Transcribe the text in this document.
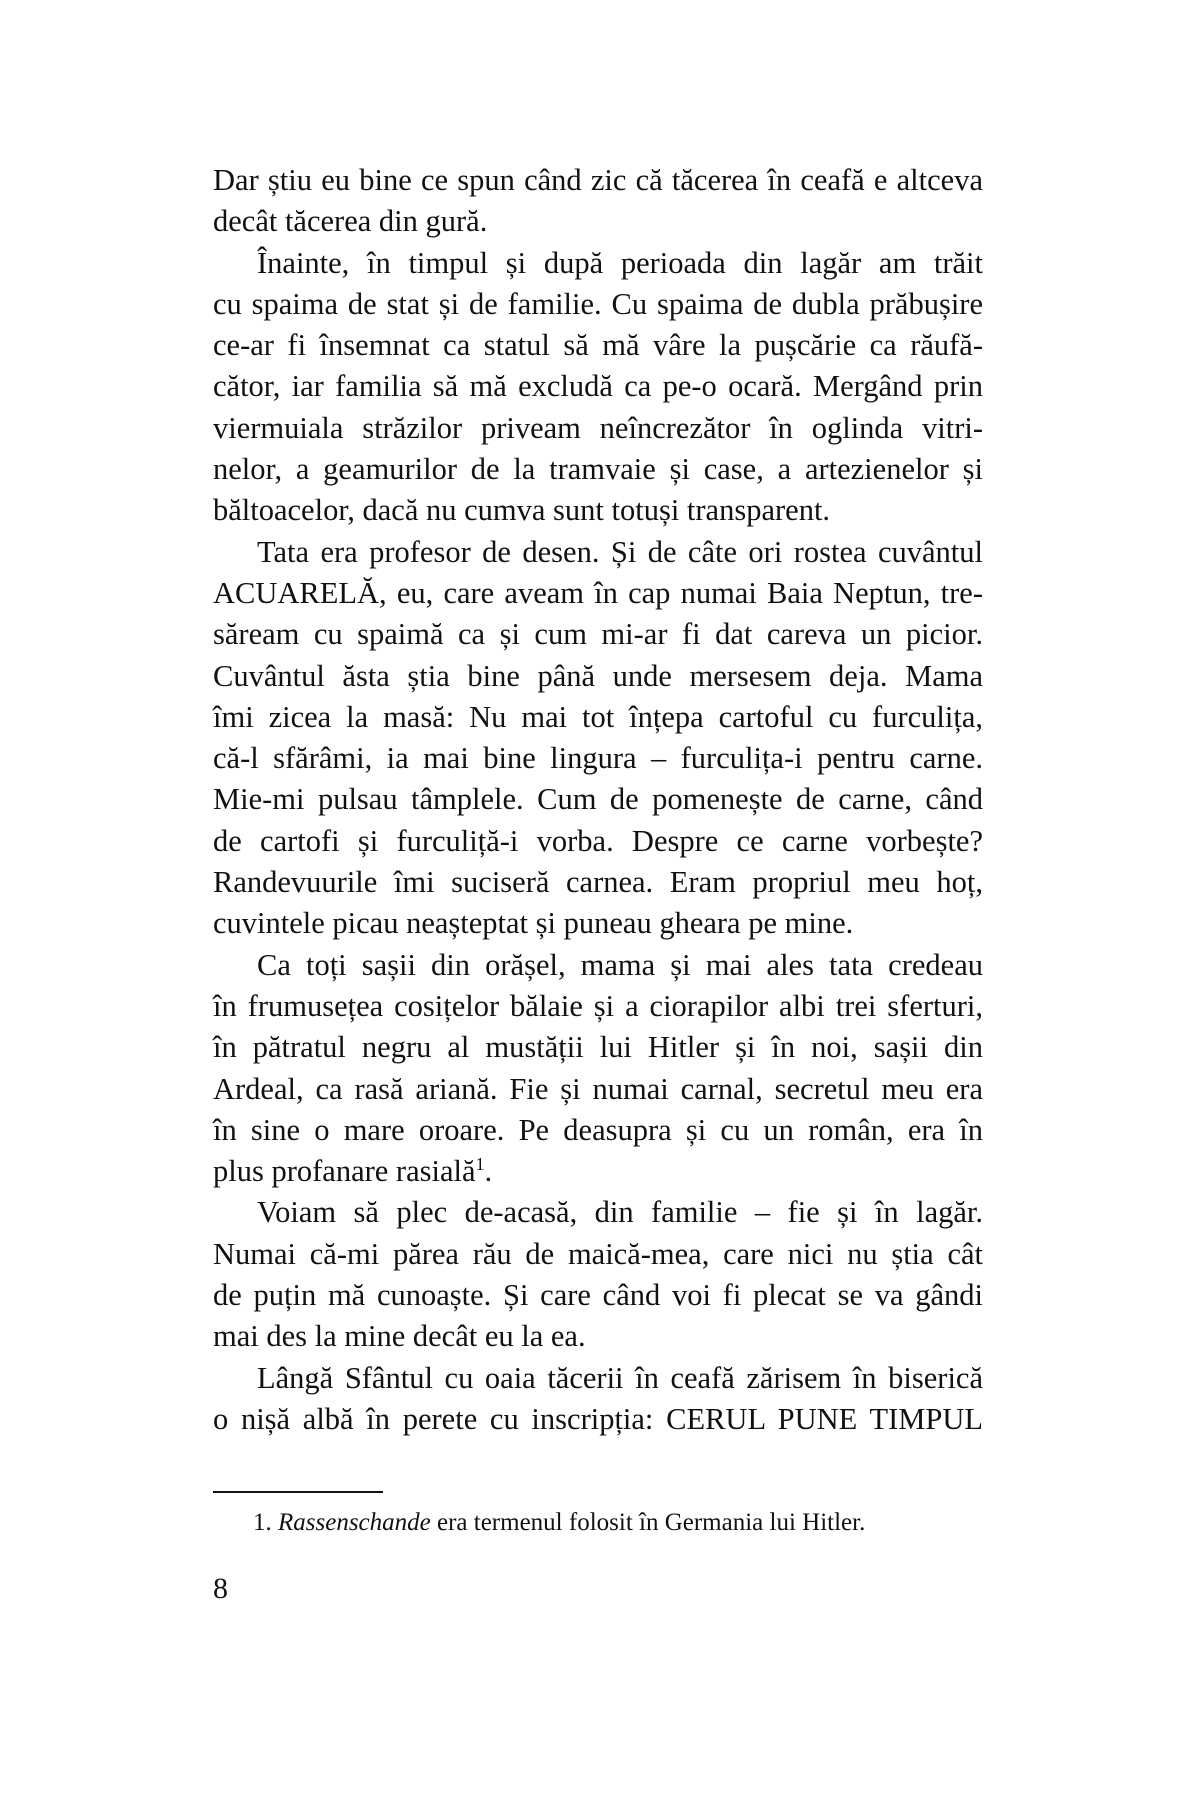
Dar știu eu bine ce spun când zic că tăcerea în ceafă e altceva
decât tăcerea din gură.
Înainte, în timpul și după perioada din lagăr am trăit
cu spaima de stat și de familie. Cu spaima de dubla prăbușire
ce-ar fi însemnat ca statul să mă vâre la pușcărie ca răufă-
cător, iar familia să mă excludă ca pe-o ocară. Mergând prin
viermuiala străzilor priveam neîncrezător în oglinda vitri-
nelor, a geamurilor de la tramvaie și case, a artezienelor și
băltoacelor, dacă nu cumva sunt totuși transparent.
Tata era profesor de desen. Și de câte ori rostea cuvântul
ACUARELĂ, eu, care aveam în cap numai Baia Neptun, tre-
săream cu spaimă ca și cum mi-ar fi dat careva un picior.
Cuvântul ăsta știa bine până unde mersesem deja. Mama
îmi zicea la masă: Nu mai tot înțepa cartoful cu furculița,
că-l sfărâmi, ia mai bine lingura – furculița-i pentru carne.
Mie-mi pulsau tâmplele. Cum de pomenește de carne, când
de cartofi și furculiță-i vorba. Despre ce carne vorbește?
Randevuurile îmi suciseră carnea. Eram propriul meu hoț,
cuvintele picau neașteptat și puneau gheara pe mine.
Ca toți sașii din orășel, mama și mai ales tata credeau
în frumusețea cosițelor bălaie și a ciorapilor albi trei sferturi,
în pătratul negru al mustății lui Hitler și în noi, sașii din
Ardeal, ca rasă ariană. Fie și numai carnal, secretul meu era
în sine o mare oroare. Pe deasupra și cu un român, era în
plus profanare rasială$^1$.
Voiam să plec de-acasă, din familie – fie și în lagăr.
Numai că-mi părea rău de maică-mea, care nici nu știa cât
de puțin mă cunoaște. Și care când voi fi plecat se va gândi
mai des la mine decât eu la ea.
Lângă Sfântul cu oaia tăcerii în ceafă zărisem în biserică
o nișă albă în perete cu inscripția: CERUL PUNE TIMPUL
1. Rassenschande era termenul folosit în Germania lui Hitler.
8
